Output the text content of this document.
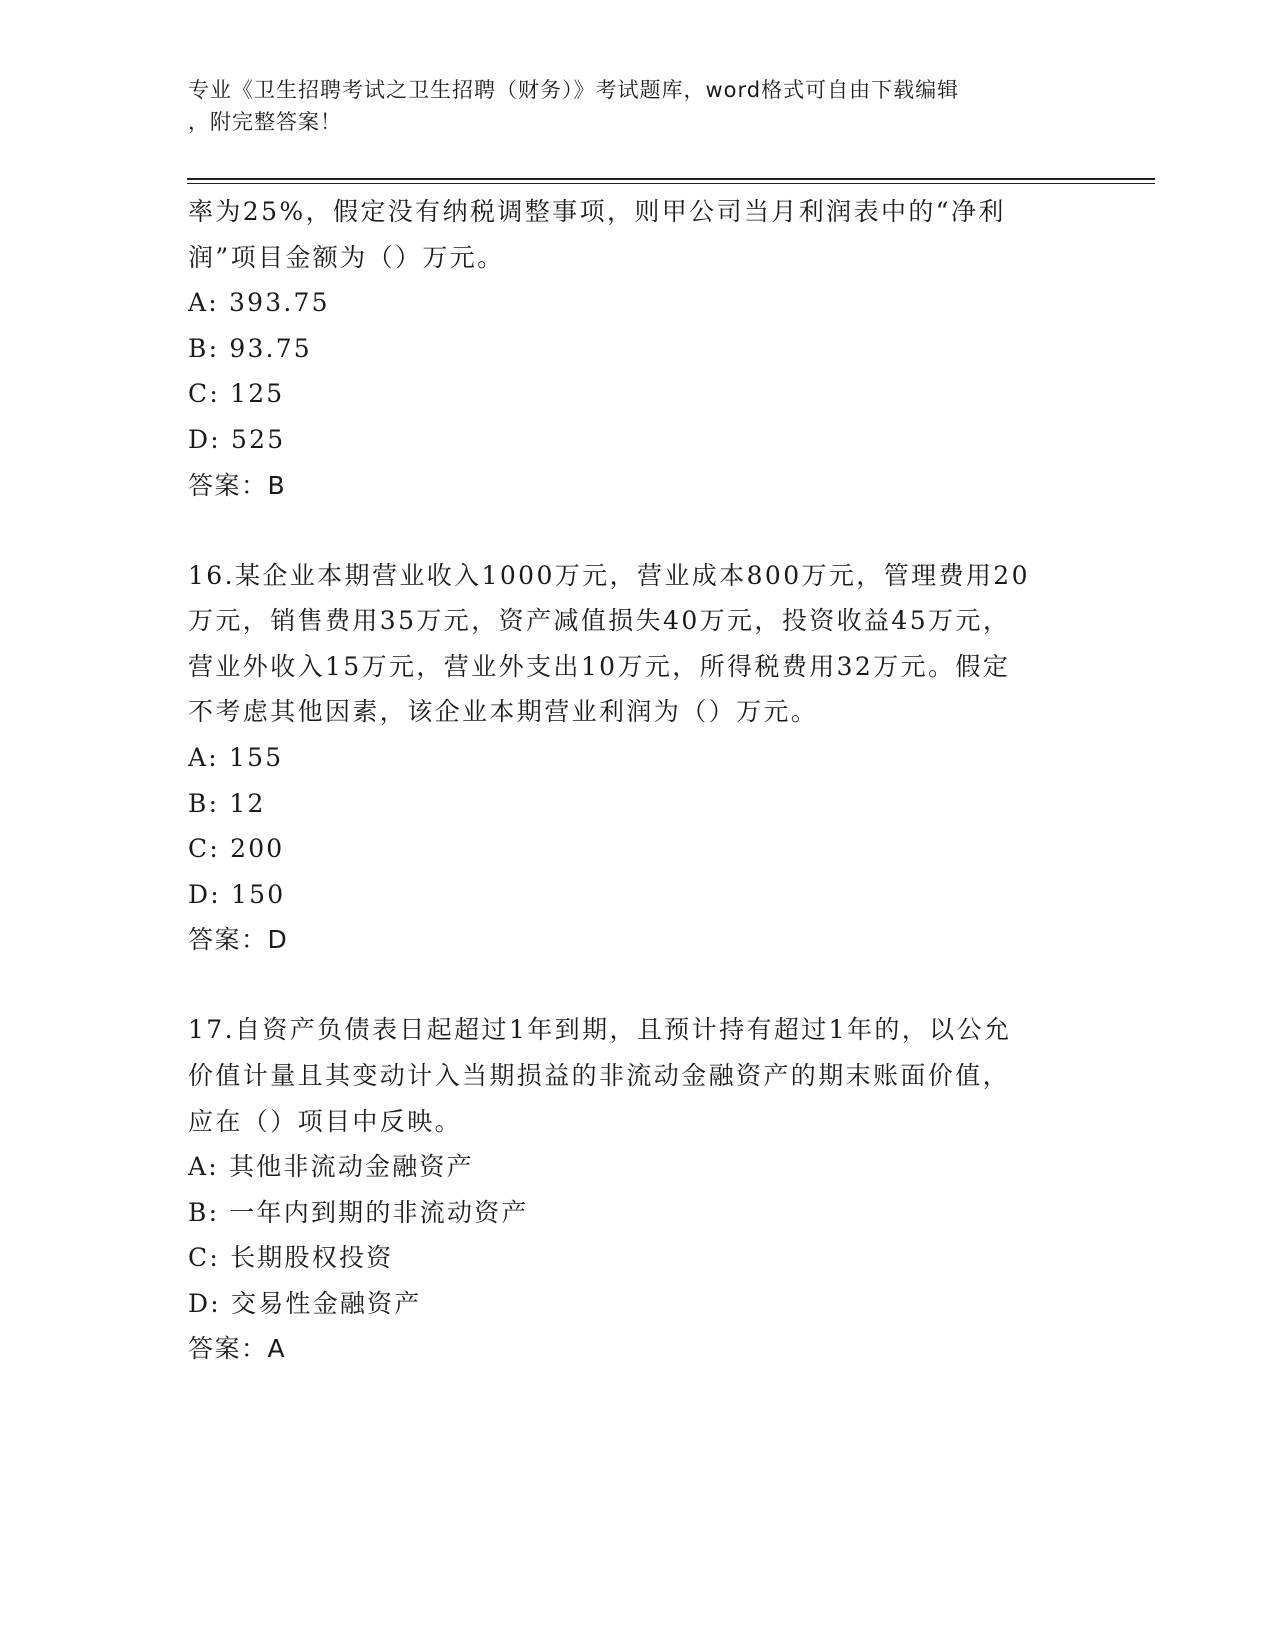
专业《卫生招聘考试之卫生招聘（财务）》考试题库，word格式可自由下载编辑
，附完整答案！

率为25%，假定没有纳税调整事项，则甲公司当月利润表中的“净利

润”项目金额为（）万元。

A: 393.75

B: 93.75

C: 125

D: 525

答案：B

16.某企业本期营业收入1000万元，营业成本800万元，管理费用20

万元，销售费用35万元，资产减值损失40万元，投资收益45万元，

营业外收入15万元，营业外支出10万元，所得税费用32万元。假定

不考虑其他因素，该企业本期营业利润为（）万元。

A: 155

B: 12

C: 200

D: 150

答案：D

17.自资产负债表日起超过1年到期，且预计持有超过1年的，以公允

价值计量且其变动计入当期损益的非流动金融资产的期末账面价值，

应在（）项目中反映。

A: 其他非流动金融资产

B: 一年内到期的非流动资产

C: 长期股权投资

D: 交易性金融资产

答案：A
